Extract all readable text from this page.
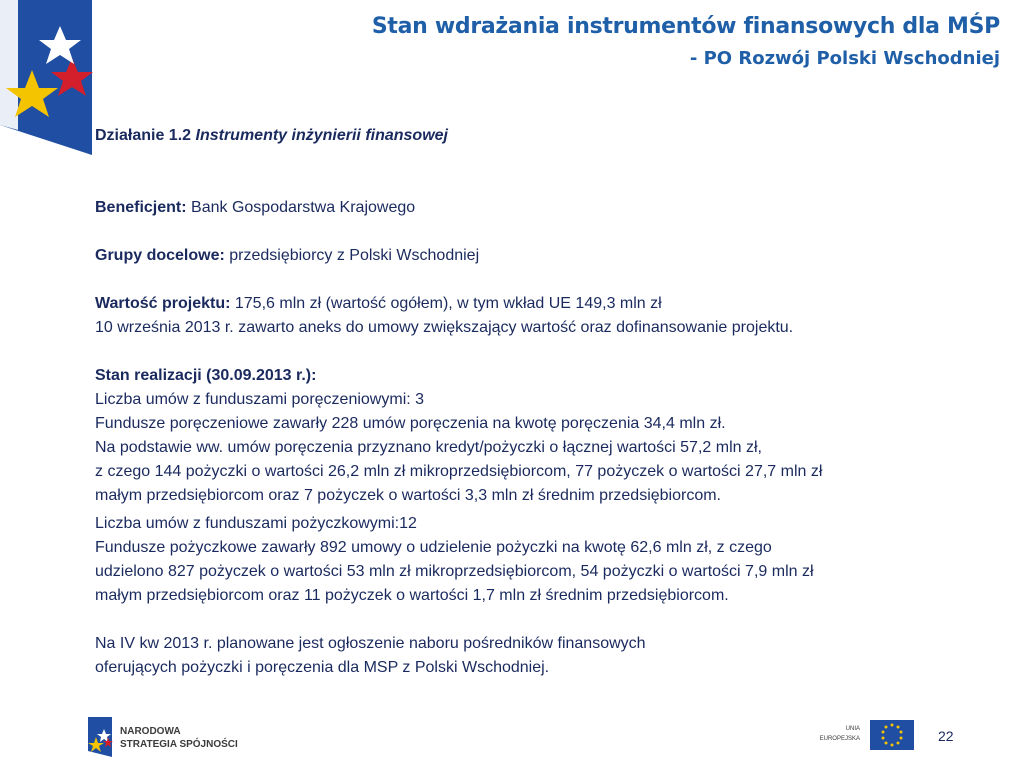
Stan wdrażania instrumentów finansowych dla MŚP
- PO Rozwój Polski Wschodniej
Działanie 1.2 Instrumenty inżynierii finansowej
Beneficjent: Bank Gospodarstwa Krajowego
Grupy docelowe: przedsiębiorcy z Polski Wschodniej
Wartość projektu: 175,6 mln zł (wartość ogółem), w tym wkład UE 149,3 mln zł
10 września 2013 r. zawarto aneks do umowy zwiększający wartość oraz dofinansowanie projektu.
Stan realizacji (30.09.2013 r.):
Liczba umów z funduszami poręczeniowymi: 3
Fundusze poręczeniowe zawarły 228 umów poręczenia na kwotę poręczenia 34,4 mln zł.
Na podstawie ww. umów poręczenia przyznano kredyt/pożyczki o łącznej wartości 57,2 mln zł,
z czego 144 pożyczki o wartości 26,2 mln zł mikroprzedsiębiorcom, 77 pożyczek o wartości 27,7 mln zł
małym przedsiębiorcom oraz 7 pożyczek o wartości 3,3 mln zł średnim przedsiębiorcom.
Liczba umów z funduszami pożyczkowymi:12
Fundusze pożyczkowe zawarły 892 umowy o udzielenie pożyczki na kwotę 62,6 mln zł, z czego
udzielono 827 pożyczek o wartości 53 mln zł mikroprzedsiębiorcom, 54 pożyczki o wartości 7,9 mln zł
małym przedsiębiorcom oraz 11 pożyczek o wartości 1,7 mln zł średnim przedsiębiorcom.
Na IV kw 2013 r. planowane jest ogłoszenie naboru pośredników finansowych
oferujących pożyczki i poręczenia dla MSP z Polski Wschodniej.
NARODOWA
STRATEGIA SPÓJNOŚCI
UNIA
EUROPEJSKA	22
